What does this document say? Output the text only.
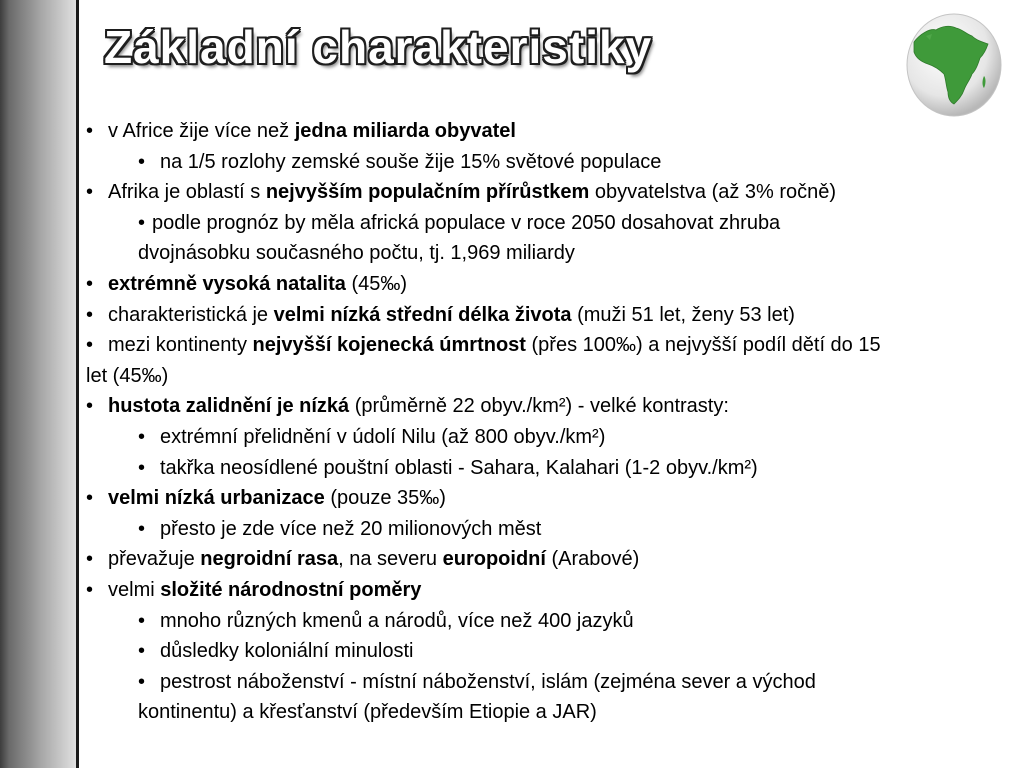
Základní charakteristiky
• v Africe žije více než jedna miliarda obyvatel
• na 1/5 rozlohy zemské souše žije 15% světové populace
• Afrika je oblastí s nejvyšším populačním přírůstkem obyvatelstva (až 3% ročně)
• podle prognóz by měla africká populace v roce 2050 dosahovat zhruba
dvojnásobku současného počtu, tj. 1,969 miliardy
• extrémně vysoká natalita (45‰)
• charakteristická je velmi nízká střední délka života (muži 51 let, ženy 53 let)
• mezi kontinenty nejvyšší kojenecká úmrtnost (přes 100‰) a nejvyšší podíl dětí do 15
let (45‰)
• hustota zalidnění je nízká (průměrně 22 obyv./km²) - velké kontrasty:
• extrémní přelidnění v údolí Nilu (až 800 obyv./km²)
• takřka neosídlené pouštní oblasti - Sahara, Kalahari (1-2 obyv./km²)
• velmi nízká urbanizace (pouze 35‰)
• přesto je zde více než 20 milionových měst
• převažuje negroidní rasa, na severu europoidní (Arabové)
• velmi složité národnostní poměry
• mnoho různých kmenů a národů, více než 400 jazyků
• důsledky koloniální minulosti
• pestrost náboženství - místní náboženství, islám (zejména sever a východ
kontinentu) a křesťanství (především Etiopie a JAR)
